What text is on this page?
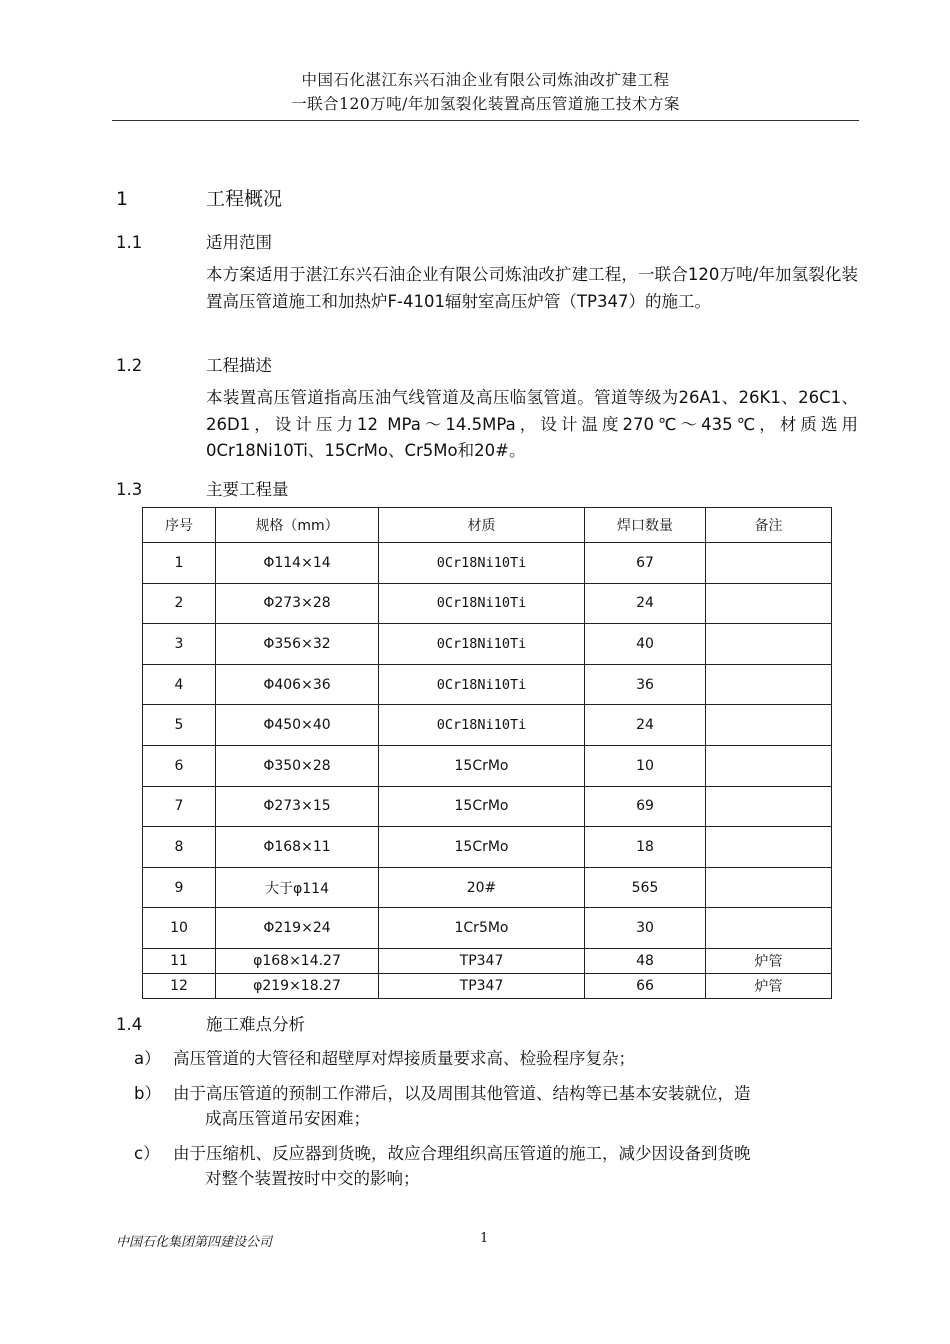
中国石化湛江东兴石油企业有限公司炼油改扩建工程
一联合120万吨/年加氢裂化装置高压管道施工技术方案
1	工程概况
1.1	适用范围
本方案适用于湛江东兴石油企业有限公司炼油改扩建工程，一联合120万吨/年加氢裂化装置高压管道施工和加热炉F-4101辐射室高压炉管（TP347）的施工。
1.2	工程描述
本装置高压管道指高压油气线管道及高压临氢管道。管道等级为26A1、26K1、26C1、26D1，设计压力12 MPa～14.5MPa，设计温度270℃～435℃，材质选用0Cr18Ni10Ti、15CrMo、Cr5Mo和20#。
1.3	主要工程量
序号	规格（mm）	材质	焊口数量	备注
1	Φ114×14	0Cr18Ni10Ti	67	
2	Φ273×28	0Cr18Ni10Ti	24	
3	Φ356×32	0Cr18Ni10Ti	40	
4	Φ406×36	0Cr18Ni10Ti	36	
5	Φ450×40	0Cr18Ni10Ti	24	
6	Φ350×28	15CrMo	10	
7	Φ273×15	15CrMo	69	
8	Φ168×11	15CrMo	18	
9	大于φ114	20#	565	
10	Φ219×24	1Cr5Mo	30	
11	φ168×14.27	TP347	48	炉管
12	φ219×18.27	TP347	66	炉管
1.4	施工难点分析
a） 高压管道的大管径和超壁厚对焊接质量要求高、检验程序复杂；
b） 由于高压管道的预制工作滞后，以及周围其他管道、结构等已基本安装就位，造
成高压管道吊安困难；
c） 由于压缩机、反应器到货晚，故应合理组织高压管道的施工，减少因设备到货晚
对整个装置按时中交的影响；
中国石化集团第四建设公司	1
